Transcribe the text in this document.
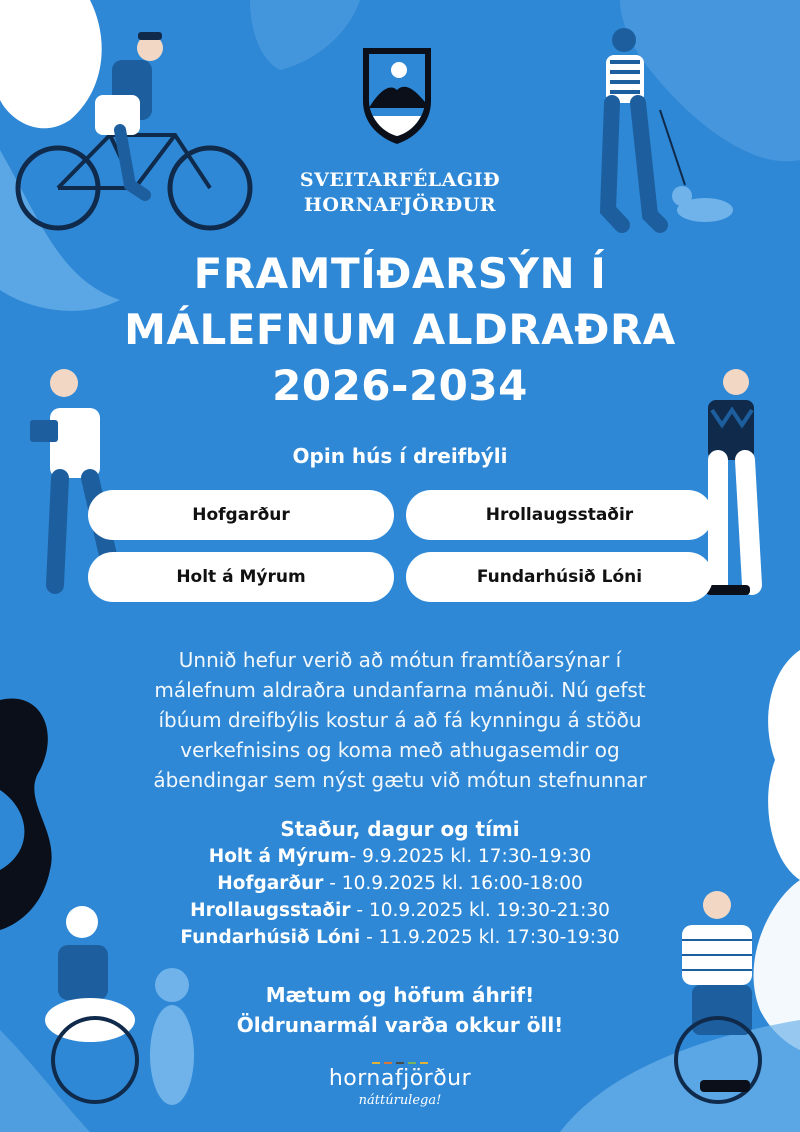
SVEITARFÉLAGIÐ
HORNAFJÖRÐUR
FRAMTÍÐARSÝN Í
MÁLEFNUM ALDRAÐRA
2026-2034
Opin hús í dreifbýli
Hofgarður	Hrollaugsstaðir
Holt á Mýrum	Fundarhúsið Lóni
Unnið hefur verið að mótun framtíðarsýnar í
málefnum aldraðra undanfarna mánuði. Nú gefst
íbúum dreifbýlis kostur á að fá kynningu á stöðu
verkefnisins og koma með athugasemdir og
ábendingar sem nýst gætu við mótun stefnunnar
Staður, dagur og tími
Holt á Mýrum- 9.9.2025 kl. 17:30-19:30
Hofgarður - 10.9.2025 kl. 16:00-18:00
Hrollaugsstaðir - 10.9.2025 kl. 19:30-21:30
Fundarhúsið Lóni - 11.9.2025 kl. 17:30-19:30
Mætum og höfum áhrif!
Öldrunarmál varða okkur öll!
hornafjörður
náttúrulega!
